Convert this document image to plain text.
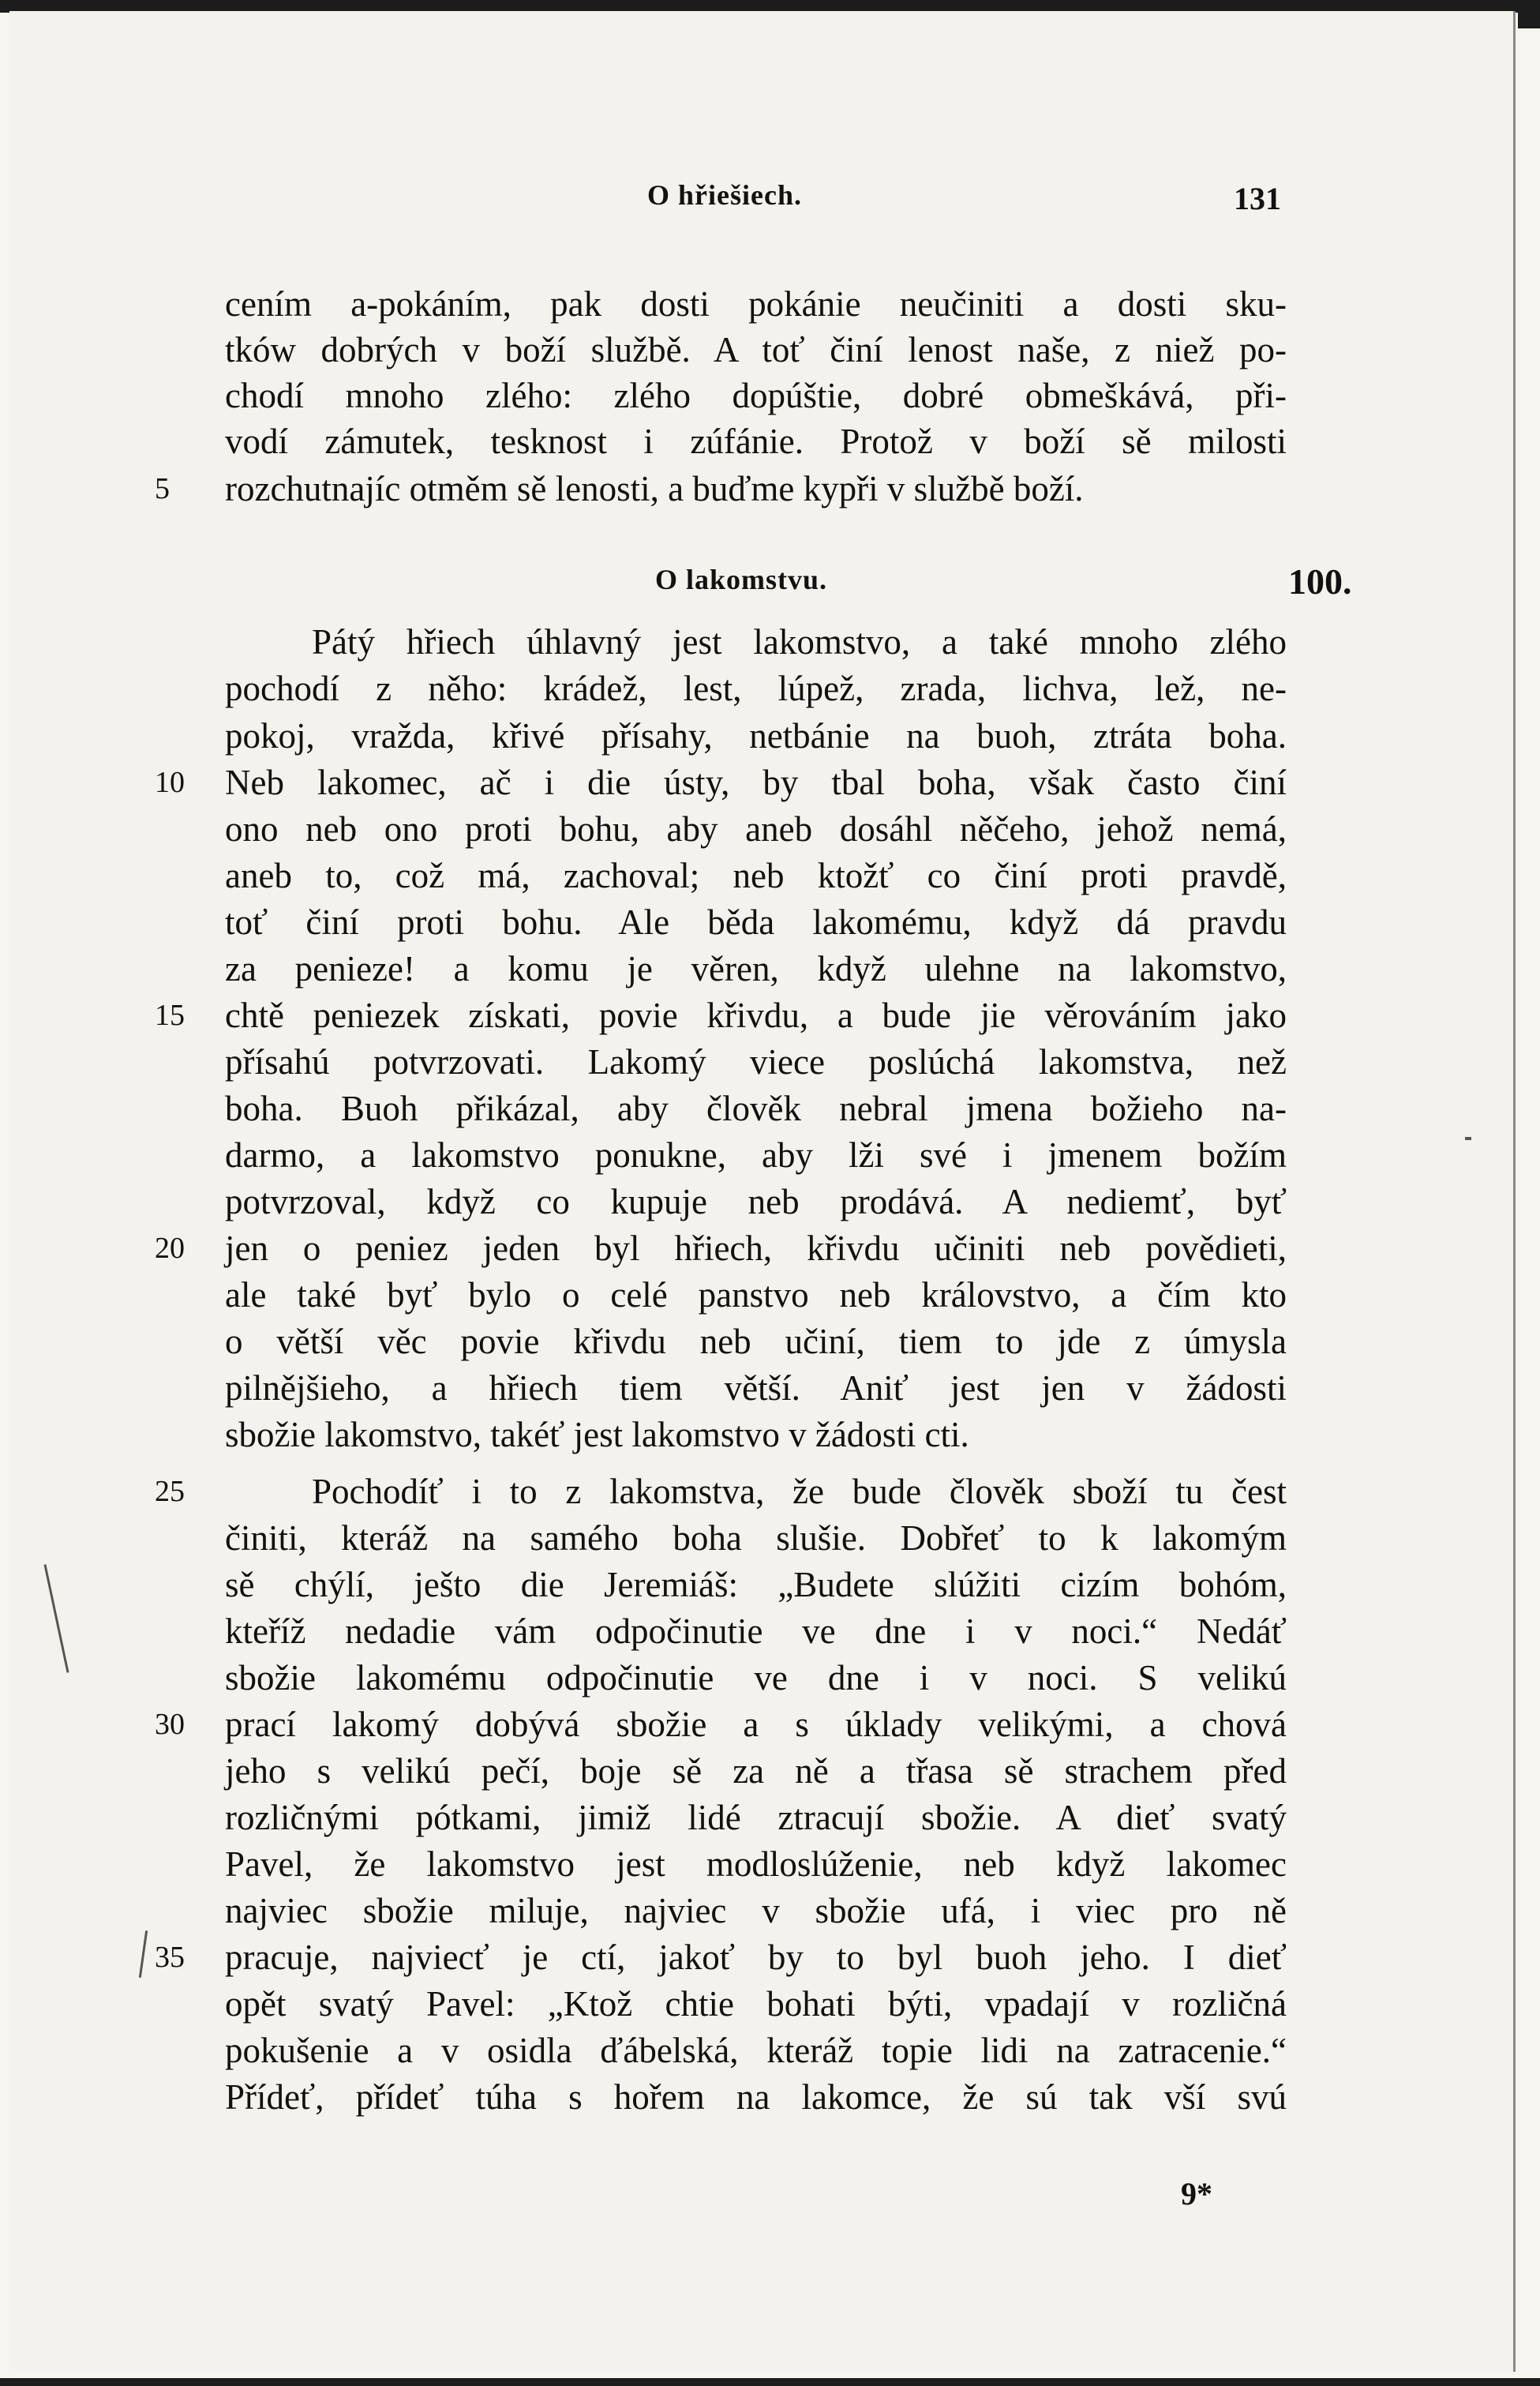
O hřiešiech.	131
cením a-pokáním, pak dosti pokánie neučiniti a dosti sku-
tków dobrých v boží službě. A toť činí lenost naše, z niež po-
chodí mnoho zlého: zlého dopúštie, dobré obmeškává, při-
vodí zámutek, tesknost i zúfánie. Protož v boží sě milosti
rozchutnajíc otměm sě lenosti, a buďme kypři v službě boží.
O lakomstvu.	100.
Pátý hřiech úhlavný jest lakomstvo, a také mnoho zlého
pochodí z něho: krádež, lest, lúpež, zrada, lichva, lež, ne-
pokoj, vražda, křivé přísahy, netbánie na buoh, ztráta boha.
Neb lakomec, ač i die ústy, by tbal boha, však často činí
ono neb ono proti bohu, aby aneb dosáhl něčeho, jehož nemá,
aneb to, což má, zachoval; neb ktožť co činí proti pravdě,
toť činí proti bohu. Ale běda lakomému, když dá pravdu
za penieze! a komu je věren, když ulehne na lakomstvo,
chtě peniezek získati, povie křivdu, a bude jie věrováním jako
přísahú potvrzovati. Lakomý viece poslúchá lakomstva, než
boha. Buoh přikázal, aby člověk nebral jmena božieho na-
darmo, a lakomstvo ponukne, aby lži své i jmenem božím
potvrzoval, když co kupuje neb prodává. A nediemť, byť
jen o peniez jeden byl hřiech, křivdu učiniti neb povědieti,
ale také byť bylo o celé panstvo neb královstvo, a čím kto
o větší věc povie křivdu neb učiní, tiem to jde z úmysla
pilnějšieho, a hřiech tiem větší. Aniť jest jen v žádosti
sbožie lakomstvo, takéť jest lakomstvo v žádosti cti.
Pochodíť i to z lakomstva, že bude člověk sboží tu čest
činiti, kteráž na samého boha slušie. Dobřeť to k lakomým
sě chýlí, ješto die Jeremiáš: „Budete slúžiti cizím bohóm,
kteříž nedadie vám odpočinutie ve dne i v noci.“ Nedáť
sbožie lakomému odpočinutie ve dne i v noci. S velikú
prací lakomý dobývá sbožie a s úklady velikými, a chová
jeho s velikú pečí, boje sě za ně a třasa sě strachem před
rozličnými pótkami, jimiž lidé ztracují sbožie. A dieť svatý
Pavel, že lakomstvo jest modloslúženie, neb když lakomec
najviec sbožie miluje, najviec v sbožie ufá, i viec pro ně
pracuje, najviecť je ctí, jakoť by to byl buoh jeho. I dieť
opět svatý Pavel: „Ktož chtie bohati býti, vpadají v rozličná
pokušenie a v osidla ďábelská, kteráž topie lidi na zatracenie.“
Přídeť, přídeť túha s hořem na lakomce, že sú tak vší svú
5
10
15
20
25
30
35
9*
